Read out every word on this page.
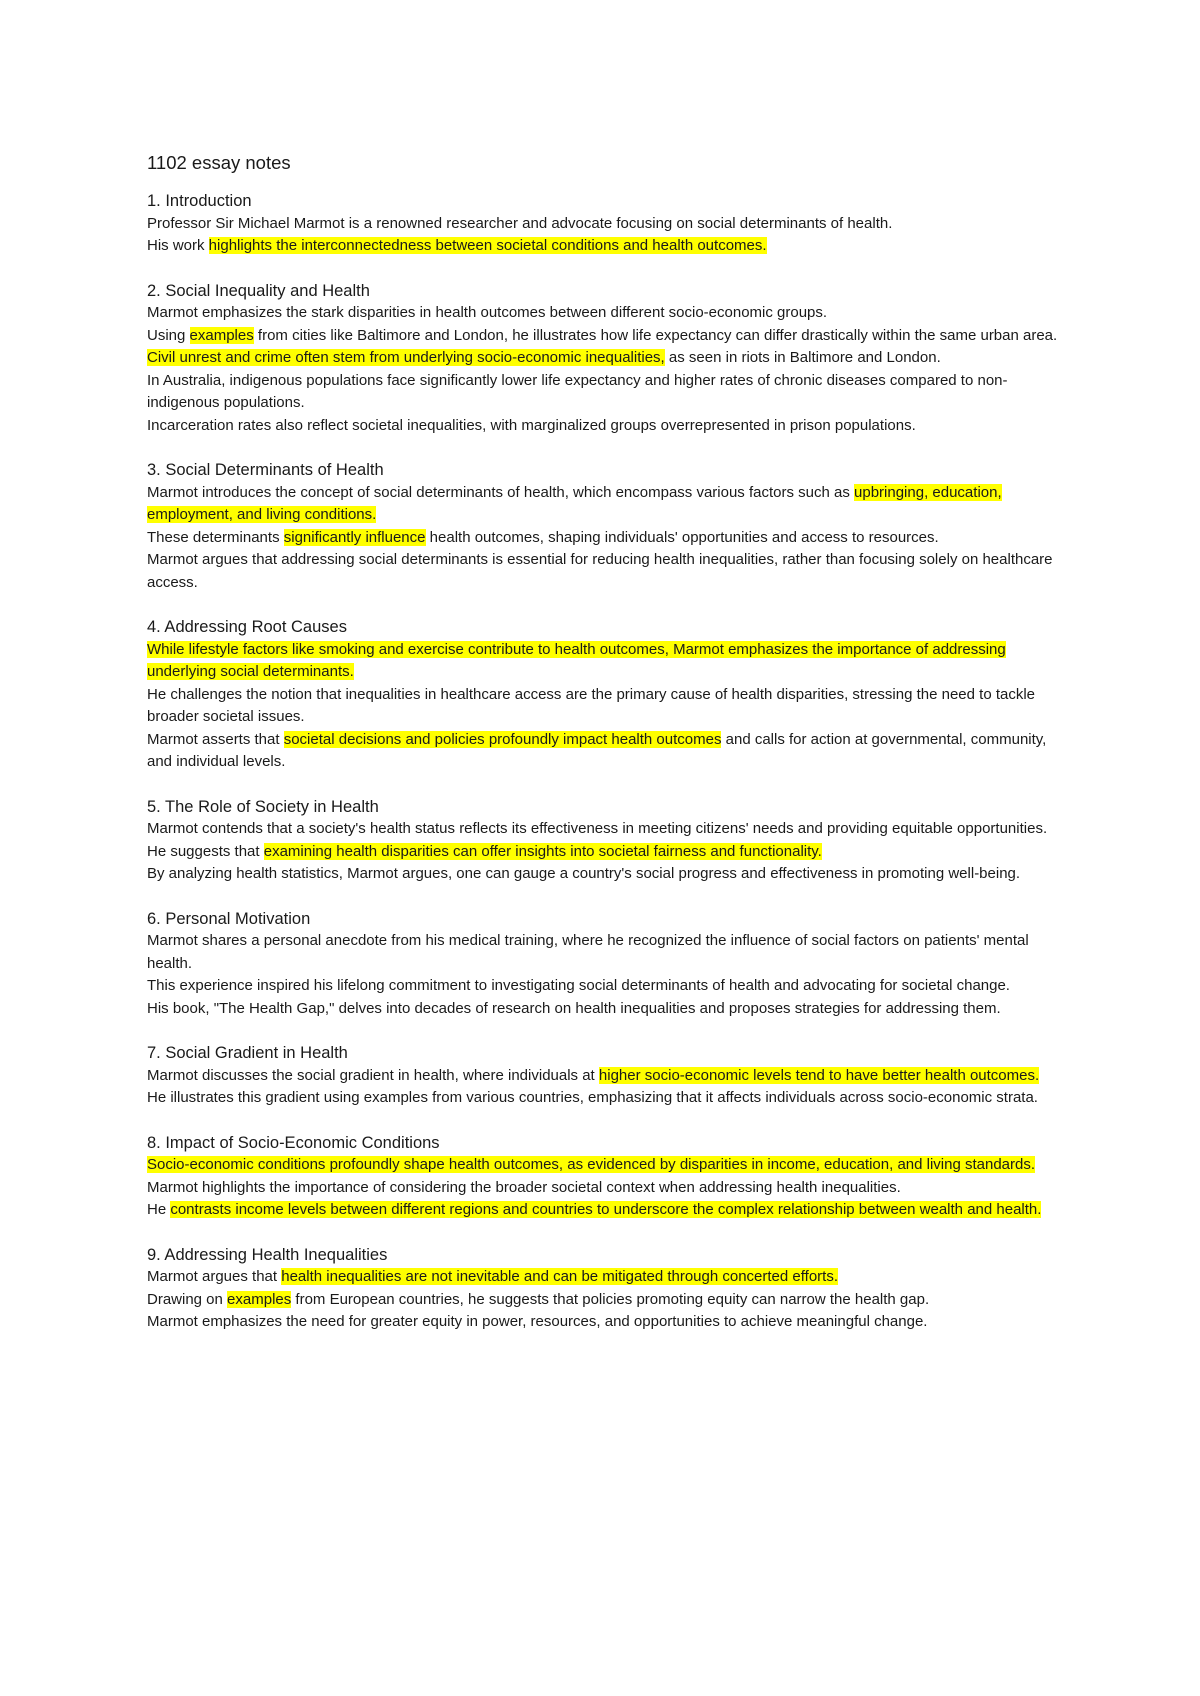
1102 essay notes
1. Introduction
Professor Sir Michael Marmot is a renowned researcher and advocate focusing on social determinants of health.
His work highlights the interconnectedness between societal conditions and health outcomes.
2. Social Inequality and Health
Marmot emphasizes the stark disparities in health outcomes between different socio-economic groups.
Using examples from cities like Baltimore and London, he illustrates how life expectancy can differ drastically within the same urban area.
Civil unrest and crime often stem from underlying socio-economic inequalities, as seen in riots in Baltimore and London.
In Australia, indigenous populations face significantly lower life expectancy and higher rates of chronic diseases compared to non-indigenous populations.
Incarceration rates also reflect societal inequalities, with marginalized groups overrepresented in prison populations.
3. Social Determinants of Health
Marmot introduces the concept of social determinants of health, which encompass various factors such as upbringing, education, employment, and living conditions.
These determinants significantly influence health outcomes, shaping individuals' opportunities and access to resources.
Marmot argues that addressing social determinants is essential for reducing health inequalities, rather than focusing solely on healthcare access.
4. Addressing Root Causes
While lifestyle factors like smoking and exercise contribute to health outcomes, Marmot emphasizes the importance of addressing underlying social determinants.
He challenges the notion that inequalities in healthcare access are the primary cause of health disparities, stressing the need to tackle broader societal issues.
Marmot asserts that societal decisions and policies profoundly impact health outcomes and calls for action at governmental, community, and individual levels.
5. The Role of Society in Health
Marmot contends that a society's health status reflects its effectiveness in meeting citizens' needs and providing equitable opportunities.
He suggests that examining health disparities can offer insights into societal fairness and functionality.
By analyzing health statistics, Marmot argues, one can gauge a country's social progress and effectiveness in promoting well-being.
6. Personal Motivation
Marmot shares a personal anecdote from his medical training, where he recognized the influence of social factors on patients' mental health.
This experience inspired his lifelong commitment to investigating social determinants of health and advocating for societal change.
His book, "The Health Gap," delves into decades of research on health inequalities and proposes strategies for addressing them.
7. Social Gradient in Health
Marmot discusses the social gradient in health, where individuals at higher socio-economic levels tend to have better health outcomes.
He illustrates this gradient using examples from various countries, emphasizing that it affects individuals across socio-economic strata.
8. Impact of Socio-Economic Conditions
Socio-economic conditions profoundly shape health outcomes, as evidenced by disparities in income, education, and living standards.
Marmot highlights the importance of considering the broader societal context when addressing health inequalities.
He contrasts income levels between different regions and countries to underscore the complex relationship between wealth and health.
9. Addressing Health Inequalities
Marmot argues that health inequalities are not inevitable and can be mitigated through concerted efforts.
Drawing on examples from European countries, he suggests that policies promoting equity can narrow the health gap.
Marmot emphasizes the need for greater equity in power, resources, and opportunities to achieve meaningful change.
